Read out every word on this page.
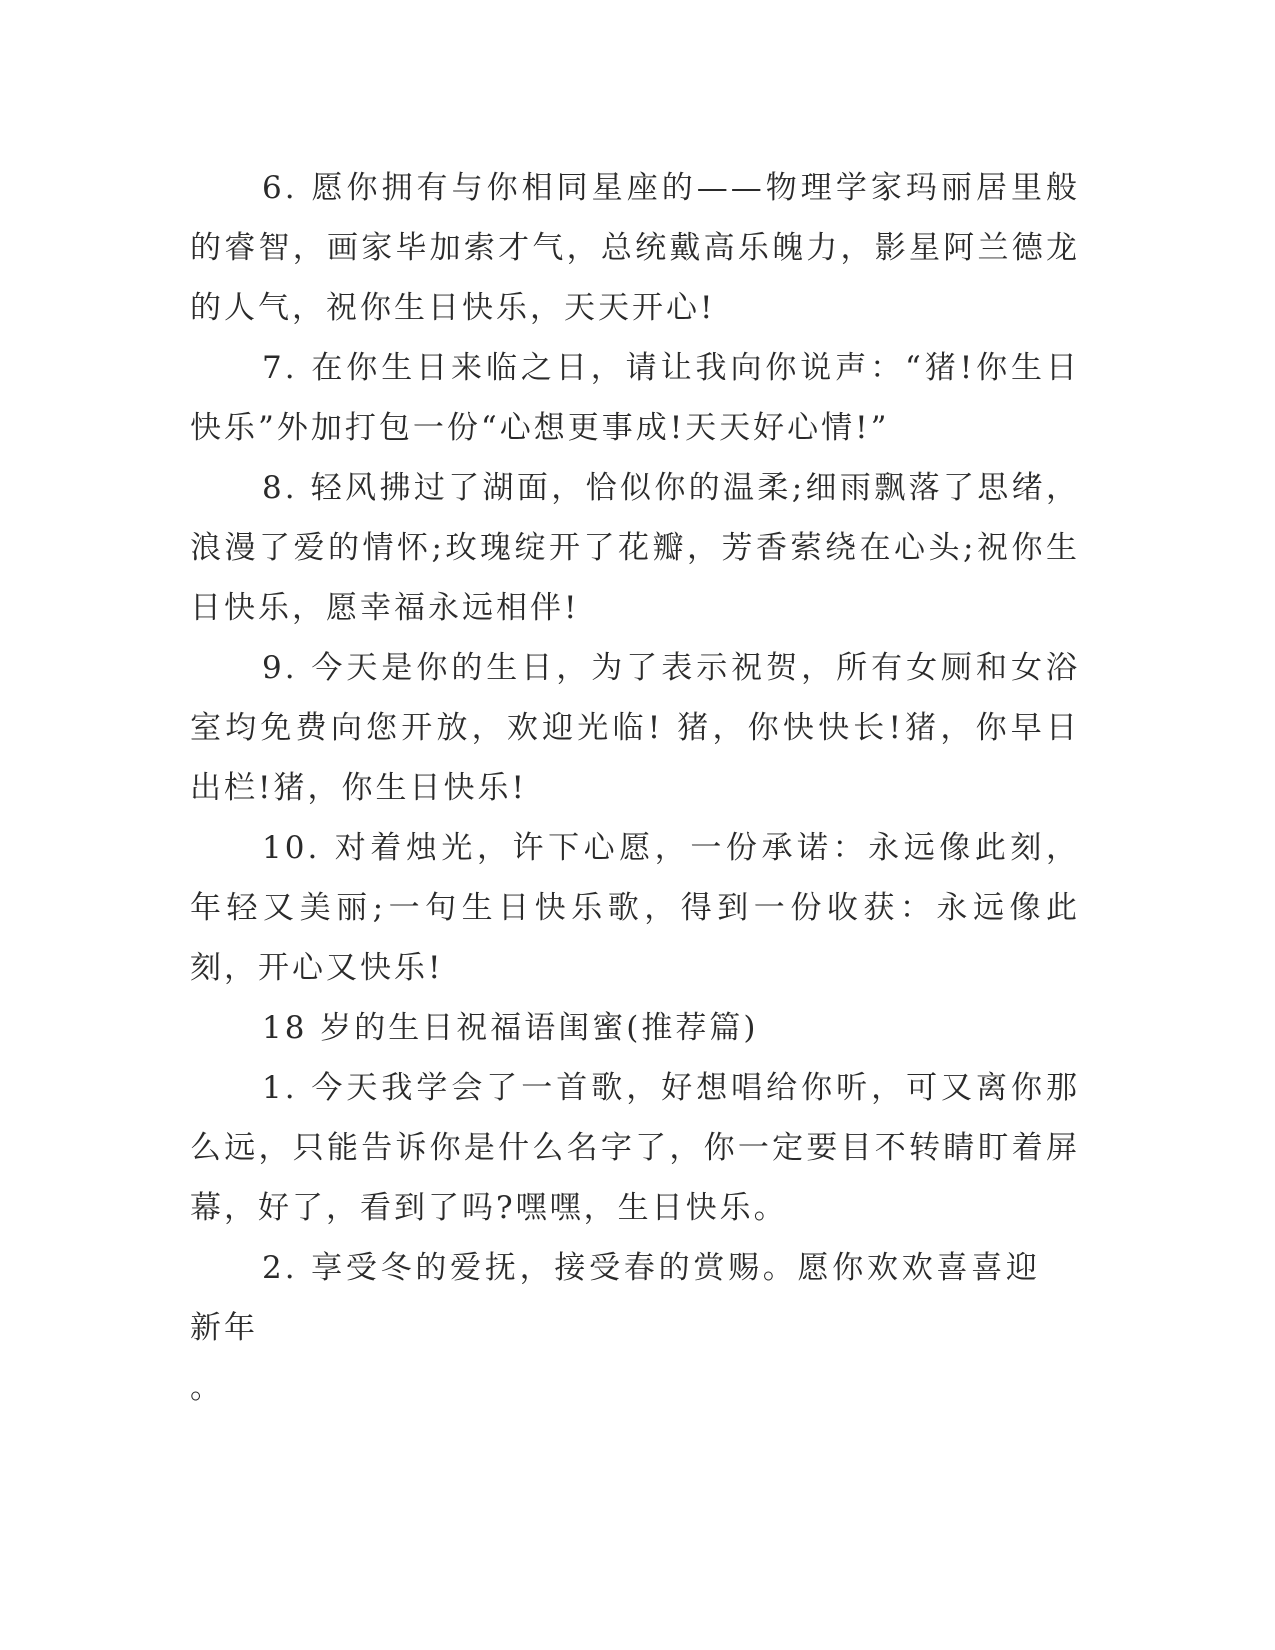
6. 愿你拥有与你相同星座的——物理学家玛丽居里般的睿智，画家毕加索才气，总统戴高乐魄力，影星阿兰德龙的人气，祝你生日快乐，天天开心!

7. 在你生日来临之日，请让我向你说声：“猪!你生日快乐”外加打包一份“心想更事成!天天好心情!”

8. 轻风拂过了湖面，恰似你的温柔;细雨飘落了思绪，浪漫了爱的情怀;玫瑰绽开了花瓣，芳香萦绕在心头;祝你生日快乐，愿幸福永远相伴!

9. 今天是你的生日，为了表示祝贺，所有女厕和女浴室均免费向您开放，欢迎光临! 猪，你快快长!猪，你早日出栏!猪，你生日快乐!

10. 对着烛光，许下心愿，一份承诺：永远像此刻，年轻又美丽;一句生日快乐歌，得到一份收获：永远像此刻，开心又快乐!

18 岁的生日祝福语闺蜜(推荐篇)

1. 今天我学会了一首歌，好想唱给你听，可又离你那么远，只能告诉你是什么名字了，你一定要目不转睛盯着屏幕，好了，看到了吗?嘿嘿，生日快乐。

2. 享受冬的爱抚，接受春的赏赐。愿你欢欢喜喜迎新年

。
